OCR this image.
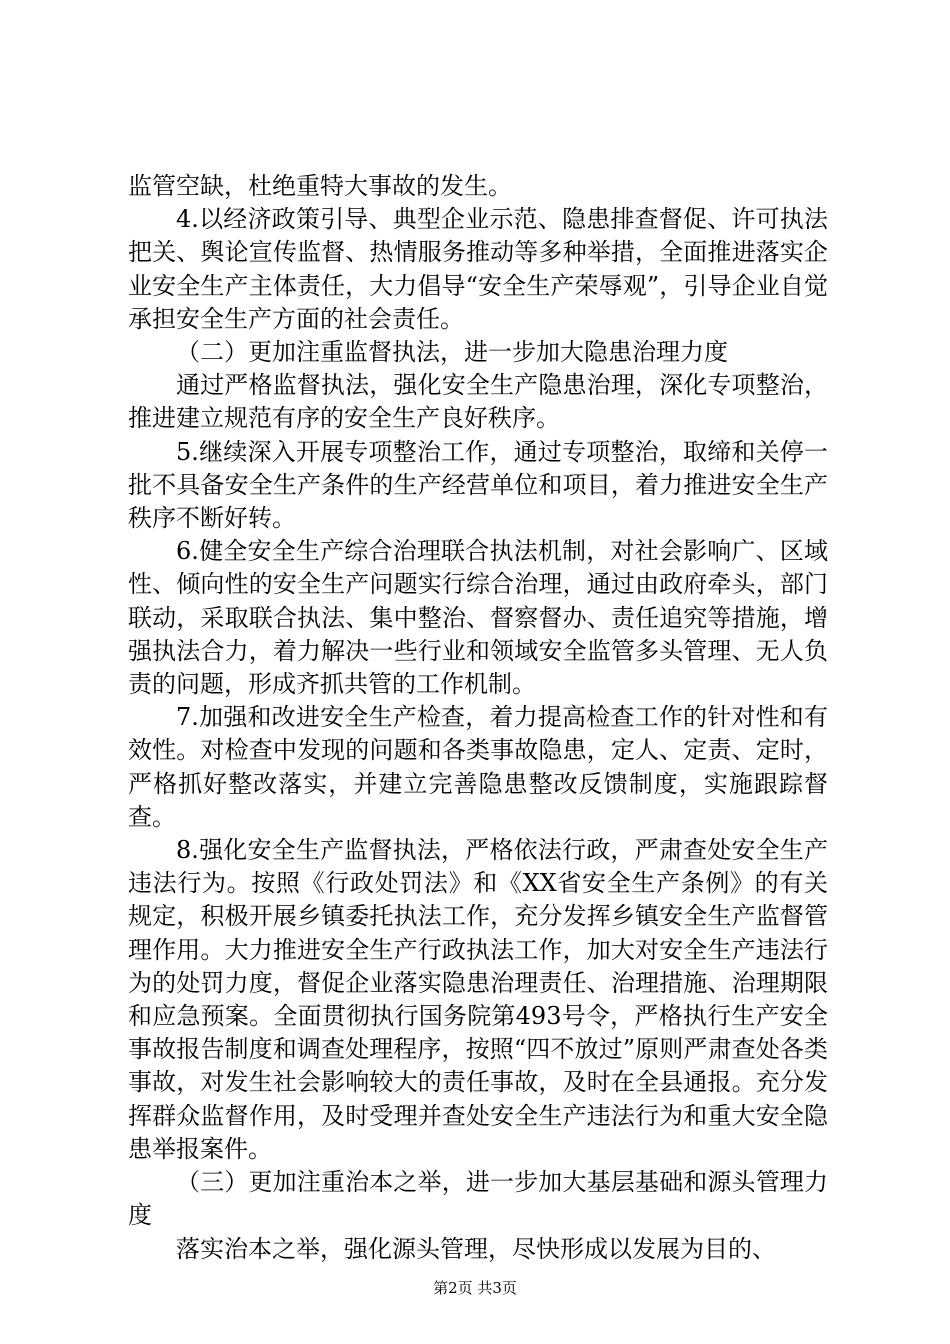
监管空缺，杜绝重特大事故的发生。

4.以经济政策引导、典型企业示范、隐患排查督促、许可执法把关、舆论宣传监督、热情服务推动等多种举措，全面推进落实企业安全生产主体责任，大力倡导“安全生产荣辱观”，引导企业自觉承担安全生产方面的社会责任。

（二）更加注重监督执法，进一步加大隐患治理力度

通过严格监督执法，强化安全生产隐患治理，深化专项整治，推进建立规范有序的安全生产良好秩序。

5.继续深入开展专项整治工作，通过专项整治，取缔和关停一批不具备安全生产条件的生产经营单位和项目，着力推进安全生产秩序不断好转。

6.健全安全生产综合治理联合执法机制，对社会影响广、区域性、倾向性的安全生产问题实行综合治理，通过由政府牵头，部门联动，采取联合执法、集中整治、督察督办、责任追究等措施，增强执法合力，着力解决一些行业和领域安全监管多头管理、无人负责的问题，形成齐抓共管的工作机制。

7.加强和改进安全生产检查，着力提高检查工作的针对性和有效性。对检查中发现的问题和各类事故隐患，定人、定责、定时，严格抓好整改落实，并建立完善隐患整改反馈制度，实施跟踪督查。

8.强化安全生产监督执法，严格依法行政，严肃查处安全生产违法行为。按照《行政处罚法》和《XX省安全生产条例》的有关规定，积极开展乡镇委托执法工作，充分发挥乡镇安全生产监督管理作用。大力推进安全生产行政执法工作，加大对安全生产违法行为的处罚力度，督促企业落实隐患治理责任、治理措施、治理期限和应急预案。全面贯彻执行国务院第493号令，严格执行生产安全事故报告制度和调查处理程序，按照“四不放过”原则严肃查处各类事故，对发生社会影响较大的责任事故，及时在全县通报。充分发挥群众监督作用，及时受理并查处安全生产违法行为和重大安全隐患举报案件。

（三）更加注重治本之举，进一步加大基层基础和源头管理力度

落实治本之举，强化源头管理，尽快形成以发展为目的、

第2页 共3页
